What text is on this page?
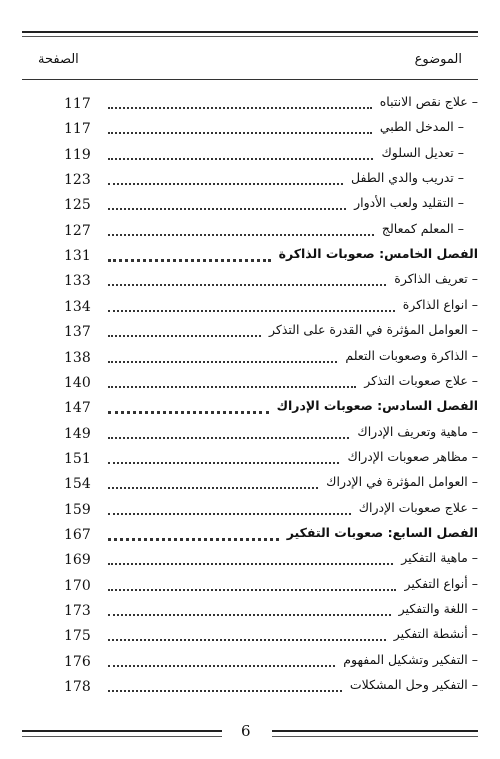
الموضوع
الصفحة
117	– علاج نقص الانتباه
117	– المدخل الطبي
119	– تعديل السلوك
123	– تدريب والدي الطفل
125	– التقليد ولعب الأدوار
127	– المعلم كمعالج
131	الفصل الخامس: صعوبات الذاكرة
133	– تعريف الذاكرة
134	– انواع الذاكرة
137	– العوامل المؤثرة في القدرة على التذكر
138	– الذاكرة وصعوبات التعلم
140	– علاج صعوبات التذكر
147	الفصل السادس: صعوبات الإدراك
149	– ماهية وتعريف الإدراك
151	– مظاهر صعوبات الإدراك
154	– العوامل المؤثرة في الإدراك
159	– علاج صعوبات الإدراك
167	الفصل السابع: صعوبات التفكير
169	– ماهية التفكير
170	– أنواع التفكير
173	– اللغة والتفكير
175	– أنشطة التفكير
176	– التفكير وتشكيل المفهوم
178	– التفكير وحل المشكلات
6
